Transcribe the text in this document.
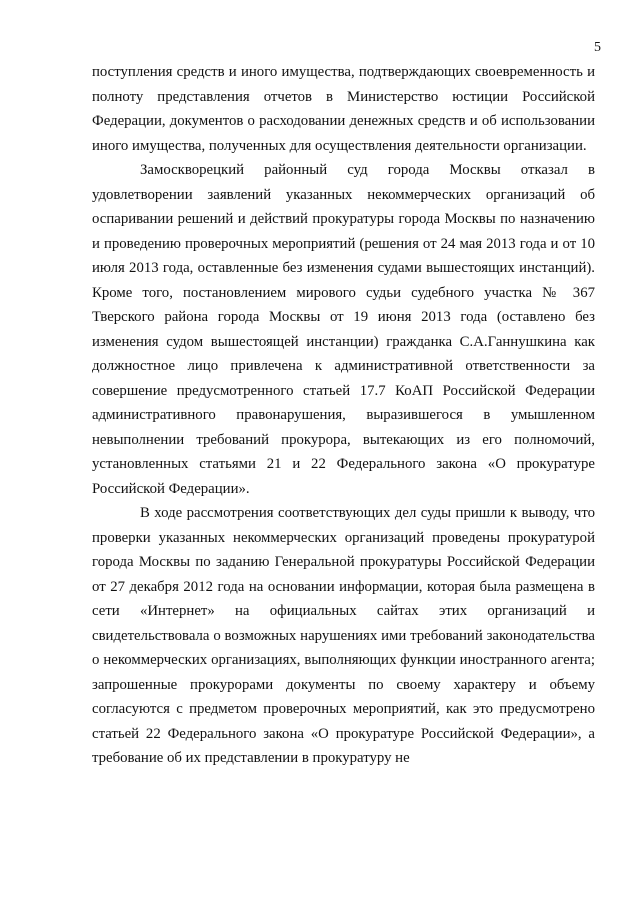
5

поступления средств и иного имущества, подтверждающих своевременность и полноту представления отчетов в Министерство юстиции Российской Федерации, документов о расходовании денежных средств и об использовании иного имущества, полученных для осуществления деятельности организации.

Замоскворецкий районный суд города Москвы отказал в удовлетворении заявлений указанных некоммерческих организаций об оспаривании решений и действий прокуратуры города Москвы по назначению и проведению проверочных мероприятий (решения от 24 мая 2013 года и от 10 июля 2013 года, оставленные без изменения судами вышестоящих инстанций). Кроме того, постановлением мирового судьи судебного участка № 367 Тверского района города Москвы от 19 июня 2013 года (оставлено без изменения судом вышестоящей инстанции) гражданка С.А.Ганнушкина как должностное лицо привлечена к административной ответственности за совершение предусмотренного статьей 17.7 КоАП Российской Федерации административного правонарушения, выразившегося в умышленном невыполнении требований прокурора, вытекающих из его полномочий, установленных статьями 21 и 22 Федерального закона «О прокуратуре Российской Федерации».

В ходе рассмотрения соответствующих дел суды пришли к выводу, что проверки указанных некоммерческих организаций проведены прокуратурой города Москвы по заданию Генеральной прокуратуры Российской Федерации от 27 декабря 2012 года на основании информации, которая была размещена в сети «Интернет» на официальных сайтах этих организаций и свидетельствовала о возможных нарушениях ими требований законодательства о некоммерческих организациях, выполняющих функции иностранного агента; запрошенные прокурорами документы по своему характеру и объему согласуются с предметом проверочных мероприятий, как это предусмотрено статьей 22 Федерального закона «О прокуратуре Российской Федерации», а требование об их представлении в прокуратуру не
